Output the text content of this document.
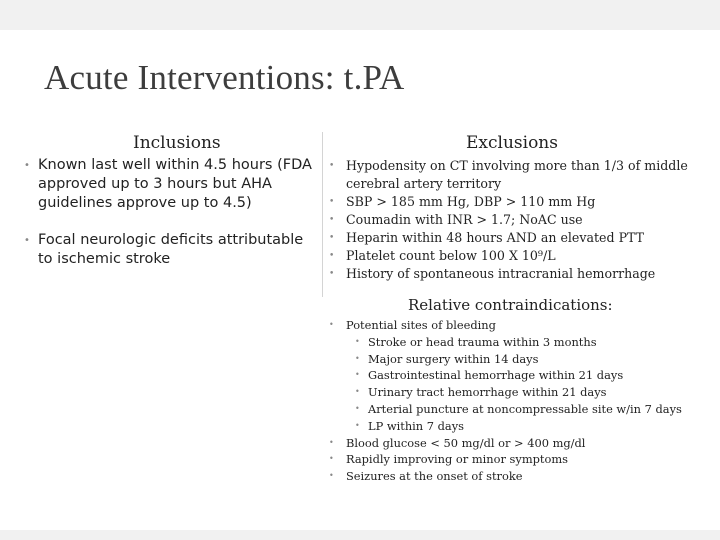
Acute Interventions: t.PA
Inclusions	Exclusions
• Known last well within 4.5 hours (FDA approved up to 3 hours but AHA guidelines approve up to 4.5)
• Focal neurologic deficits attributable to ischemic stroke
• Hypodensity on CT involving more than 1/3 of middle cerebral artery territory
• SBP > 185 mm Hg, DBP > 110 mm Hg
• Coumadin with INR > 1.7; NoAC use
• Heparin within 48 hours AND an elevated PTT
• Platelet count below 100 X 10⁹/L
• History of spontaneous intracranial hemorrhage
Relative contraindications:
• Potential sites of bleeding
• Stroke or head trauma within 3 months
• Major surgery within 14 days
• Gastrointestinal hemorrhage within 21 days
• Urinary tract hemorrhage within 21 days
• Arterial puncture at noncompressable site w/in 7 days
• LP within 7 days
• Blood glucose < 50 mg/dl or > 400 mg/dl
• Rapidly improving or minor symptoms
• Seizures at the onset of stroke
